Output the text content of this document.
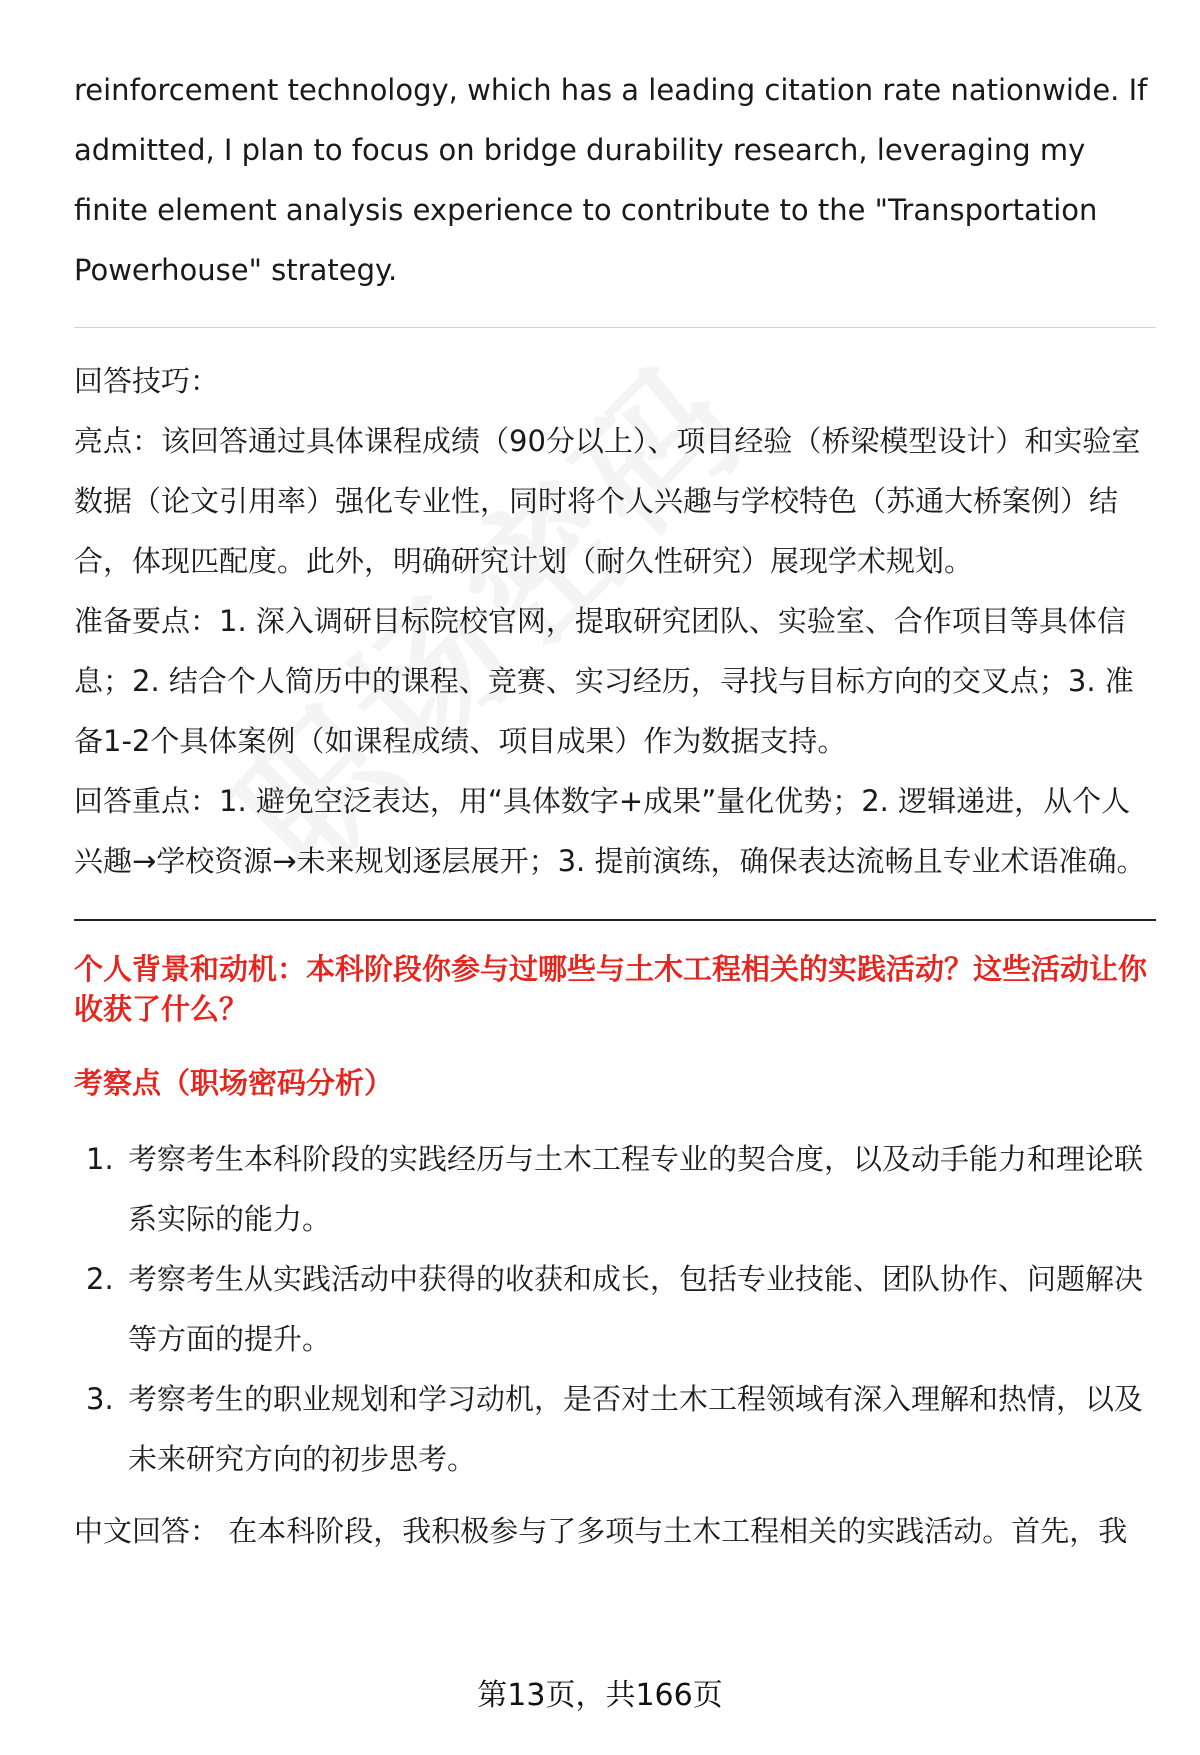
reinforcement technology, which has a leading citation rate nationwide. If admitted, I plan to focus on bridge durability research, leveraging my finite element analysis experience to contribute to the "Transportation Powerhouse" strategy.

回答技巧：

亮点：该回答通过具体课程成绩（90分以上）、项目经验（桥梁模型设计）和实验室数据（论文引用率）强化专业性，同时将个人兴趣与学校特色（苏通大桥案例）结合，体现匹配度。此外，明确研究计划（耐久性研究）展现学术规划。

准备要点：1. 深入调研目标院校官网，提取研究团队、实验室、合作项目等具体信息；2. 结合个人简历中的课程、竞赛、实习经历，寻找与目标方向的交叉点；3. 准备1-2个具体案例（如课程成绩、项目成果）作为数据支持。

回答重点：1. 避免空泛表达，用“具体数字+成果”量化优势；2. 逻辑递进，从个人兴趣→学校资源→未来规划逐层展开；3. 提前演练，确保表达流畅且专业术语准确。

个人背景和动机：本科阶段你参与过哪些与土木工程相关的实践活动？这些活动让你收获了什么？
考察点（职场密码分析）
1. 考察考生本科阶段的实践经历与土木工程专业的契合度，以及动手能力和理论联系实际的能力。
2. 考察考生从实践活动中获得的收获和成长，包括专业技能、团队协作、问题解决等方面的提升。
3. 考察考生的职业规划和学习动机，是否对土木工程领域有深入理解和热情，以及未来研究方向的初步思考。

中文回答： 在本科阶段，我积极参与了多项与土木工程相关的实践活动。首先，我

第13页，共166页
